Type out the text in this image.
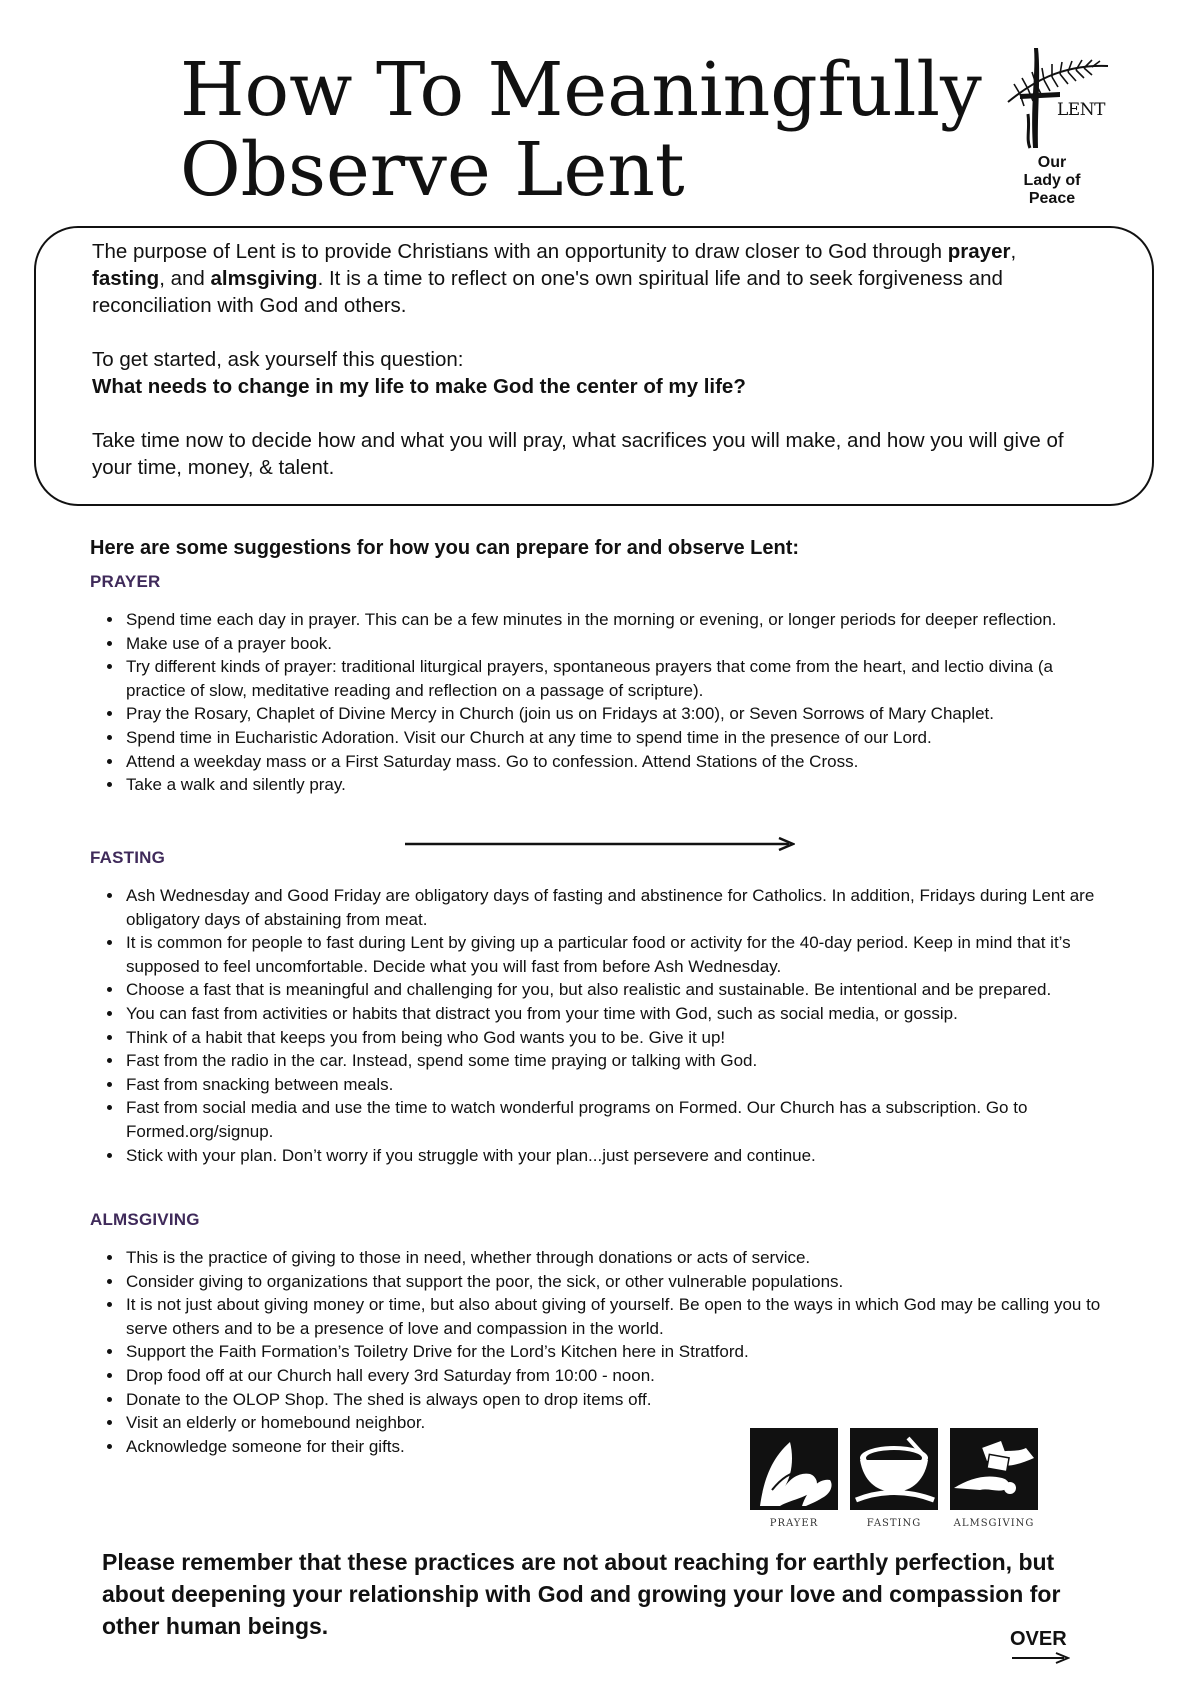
How To Meaningfully
Observe Lent
LENT
Our
Lady of
Peace

The purpose of Lent is to provide Christians with an opportunity to draw closer to God through prayer, fasting, and almsgiving. It is a time to reflect on one's own spiritual life and to seek forgiveness and reconciliation with God and others.

To get started, ask yourself this question:
What needs to change in my life to make God the center of my life?

Take time now to decide how and what you will pray, what sacrifices you will make, and how you will give of your time, money, & talent.

Here are some suggestions for how you can prepare for and observe Lent:
PRAYER
• Spend time each day in prayer. This can be a few minutes in the morning or evening, or longer periods for deeper reflection.
• Make use of a prayer book.
• Try different kinds of prayer: traditional liturgical prayers, spontaneous prayers that come from the heart, and lectio divina (a practice of slow, meditative reading and reflection on a passage of scripture).
• Pray the Rosary, Chaplet of Divine Mercy in Church (join us on Fridays at 3:00), or Seven Sorrows of Mary Chaplet.
• Spend time in Eucharistic Adoration. Visit our Church at any time to spend time in the presence of our Lord.
• Attend a weekday mass or a First Saturday mass. Go to confession. Attend Stations of the Cross.
• Take a walk and silently pray.
FASTING
• Ash Wednesday and Good Friday are obligatory days of fasting and abstinence for Catholics. In addition, Fridays during Lent are obligatory days of abstaining from meat.
• It is common for people to fast during Lent by giving up a particular food or activity for the 40-day period. Keep in mind that it’s supposed to feel uncomfortable. Decide what you will fast from before Ash Wednesday.
• Choose a fast that is meaningful and challenging for you, but also realistic and sustainable. Be intentional and be prepared.
• You can fast from activities or habits that distract you from your time with God, such as social media, or gossip.
• Think of a habit that keeps you from being who God wants you to be. Give it up!
• Fast from the radio in the car. Instead, spend some time praying or talking with God.
• Fast from snacking between meals.
• Fast from social media and use the time to watch wonderful programs on Formed. Our Church has a subscription. Go to Formed.org/signup.
• Stick with your plan. Don’t worry if you struggle with your plan...just persevere and continue.
ALMSGIVING
• This is the practice of giving to those in need, whether through donations or acts of service.
• Consider giving to organizations that support the poor, the sick, or other vulnerable populations.
• It is not just about giving money or time, but also about giving of yourself. Be open to the ways in which God may be calling you to serve others and to be a presence of love and compassion in the world.
• Support the Faith Formation’s Toiletry Drive for the Lord’s Kitchen here in Stratford.
• Drop food off at our Church hall every 3rd Saturday from 10:00 - noon.
• Donate to the OLOP Shop. The shed is always open to drop items off.
• Visit an elderly or homebound neighbor.
• Acknowledge someone for their gifts.
PRAYER	FASTING	ALMSGIVING

Please remember that these practices are not about reaching for earthly perfection, but about deepening your relationship with God and growing your love and compassion for other human beings.	OVER
